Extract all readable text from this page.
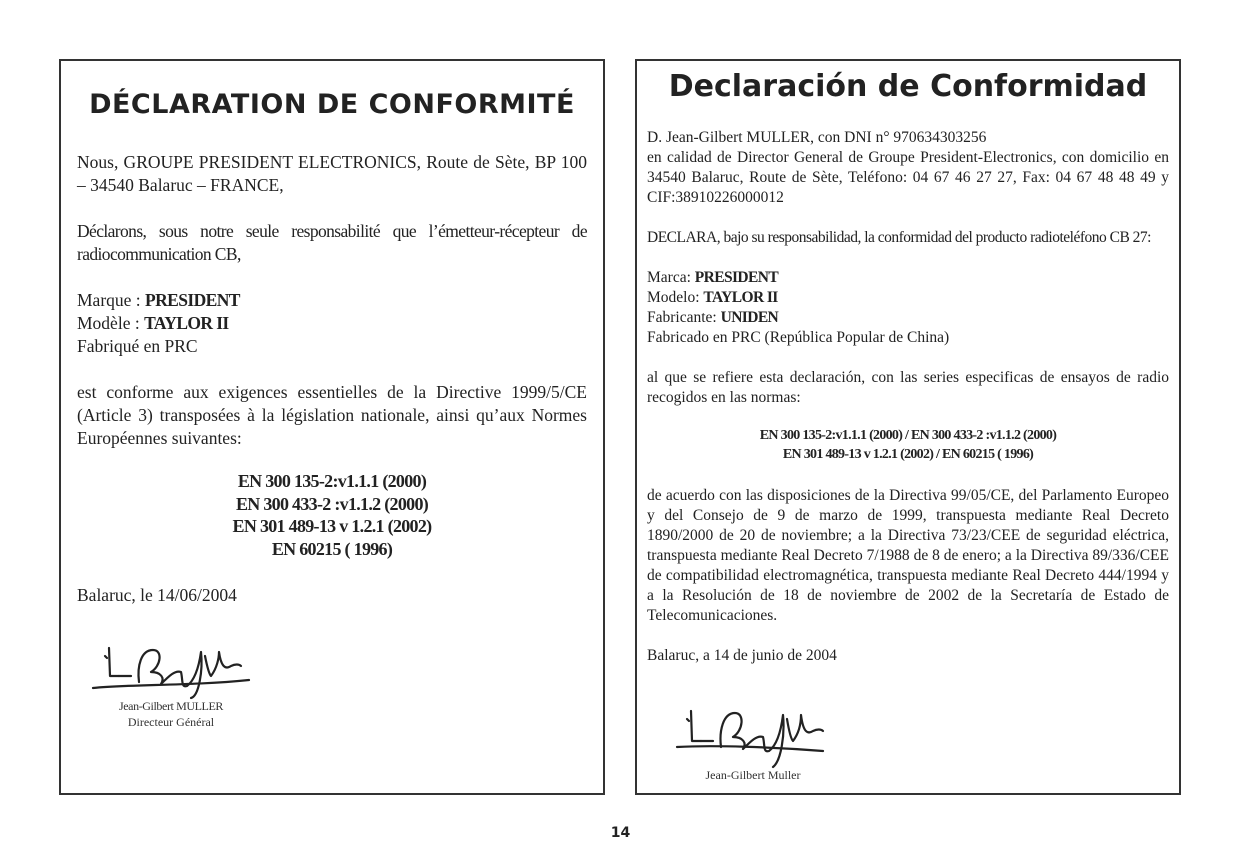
DÉCLARATION DE CONFORMITÉ
Nous, GROUPE PRESIDENT ELECTRONICS, Route de Sète, BP 100 – 34540 Balaruc – FRANCE,
Déclarons, sous notre seule responsabilité que l’émetteur-récepteur de radiocommunication CB,
Marque : PRESIDENT
Modèle : TAYLOR II
Fabriqué en PRC
est conforme aux exigences essentielles de la Directive 1999/5/CE (Article 3) transposées à la législation nationale, ainsi qu’aux Normes Européennes suivantes:
EN 300 135-2:v1.1.1 (2000)
EN 300 433-2 :v1.1.2 (2000)
EN 301 489-13 v 1.2.1 (2002)
EN 60215 ( 1996)
Balaruc, le 14/06/2004
Jean-Gilbert MULLER
Directeur Général
Declaración de Conformidad
D. Jean-Gilbert MULLER, con DNI n° 970634303256
en calidad de Director General de Groupe President-Electronics, con domicilio en 34540 Balaruc, Route de Sète, Teléfono: 04 67 46 27 27, Fax: 04 67 48 48 49 y CIF:38910226000012
DECLARA, bajo su responsabilidad, la conformidad del producto radioteléfono CB 27:
Marca: PRESIDENT
Modelo: TAYLOR II
Fabricante: UNIDEN
Fabricado en PRC (República Popular de China)
al que se refiere esta declaración, con las series especificas de ensayos de radio recogidos en las normas:
EN 300 135-2:v1.1.1 (2000) / EN 300 433-2 :v1.1.2 (2000)
EN 301 489-13 v 1.2.1 (2002) / EN 60215 ( 1996)
de acuerdo con las disposiciones de la Directiva 99/05/CE, del Parlamento Europeo y del Consejo de 9 de marzo de 1999, transpuesta mediante Real Decreto 1890/2000 de 20 de noviembre; a la Directiva 73/23/CEE de seguridad eléctrica, transpuesta mediante Real Decreto 7/1988 de 8 de enero; a la Directiva 89/336/CEE de compatibilidad electromagnética, transpuesta mediante Real Decreto 444/1994 y a la Resolución de 18 de noviembre de 2002 de la Secretaría de Estado de Telecomunicaciones.
Balaruc, a 14 de junio de 2004
Jean-Gilbert Muller
14
